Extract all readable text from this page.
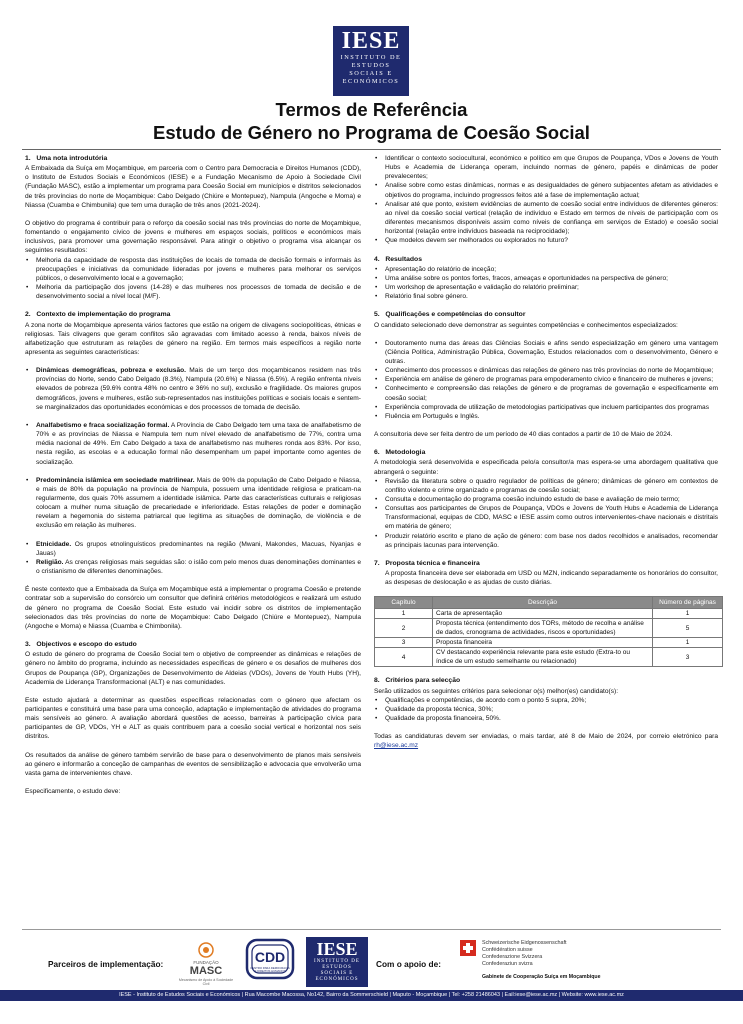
IESE
INSTITUTO DE
ESTUDOS
SOCIAIS E
ECONÓMICOS
Termos de Referência
Estudo de Género no Programa de Coesão Social
1.   Uma nota introdutória

A Embaixada da Suíça em Moçambique, em parceria com o Centro para Democracia e Direitos Humanos (CDD), o Instituto de Estudos Sociais e Económicos (IESE) e a Fundação Mecanismo de Apoio à Sociedade Civil (Fundação MASC), estão a implementar um programa para Coesão Social em municípios e distritos selecionados de três províncias do norte de Moçambique: Cabo Delgado (Chiúre e Montepuez), Nampula (Angoche e Moma) e Niassa (Cuamba e Chimbunila) que tem uma duração de três anos (2021-2024).

O objetivo do programa é contribuir para o reforço da coesão social nas três províncias do norte de Moçambique, fomentando o engajamento cívico de jovens e mulheres em espaços sociais, políticos e económicos mais inclusivos, para promover uma governação responsável. Para atingir o objetivo o programa visa alcançar os seguintes resultados:

• Melhoria da capacidade de resposta das instituições de locais de tomada de decisão formais e informais às preocupações e iniciativas da comunidade lideradas por jovens e mulheres para melhorar os serviços públicos, o desenvolvimento local e a governação;
• Melhoria da participação dos jovens (14-28) e das mulheres nos processos de tomada de decisão e de desenvolvimento social a nível local (M/F).
2.   Contexto de implementação do programa

A zona norte de Moçambique apresenta vários factores que estão na origem de clivagens sociopolíticas, étnicas e religiosas. Tais clivagens que geram conflitos são agravadas com limitado acesso à renda, baixos níveis de alfabetização que estruturam as relações de género na região. Em termos mais específicos a região norte apresenta as seguintes características:

• Dinâmicas demográficas, pobreza e exclusão. Mais de um terço dos moçambicanos residem nas três províncias do Norte, sendo Cabo Delgado (8.3%), Nampula (20.6%) e Niassa (6.5%). A região enfrenta níveis elevados de pobreza (59.6% contra 48% no centro e 36% no sul), exclusão e fragilidade. Os maiores grupos demográficos, jovens e mulheres, estão sub-representados nas instituições políticas e sociais locais e sentem-se marginalizados das oportunidades económicas e dos processos de tomada de decisão.
• Analfabetismo e fraca socialização formal. A Província de Cabo Delgado tem uma taxa de analfabetismo de 70% e as províncias de Niassa e Nampula tem num nível elevado de analfabetismo de 77%, contra uma média nacional de 49%. Em Cabo Delgado a taxa de analfabetismo nas mulheres ronda aos 83%. Por isso, nesta região, as escolas e a educação formal não desempenham um papel importante como agentes de socialização.
• Predominância islâmica em sociedade matrilinear. Mais de 90% da população de Cabo Delgado e Niassa, e mais de 80% da população na província de Nampula, possuem uma identidade religiosa e praticam-na regularmente, dos quais 70% assumem a identidade islâmica. Parte das características culturais e religiosas colocam a mulher numa situação de precariedade e inferioridade. Estas relações de poder e dominação revelam a hegemonia do sistema patriarcal que legitima as situações de dominação, de violência e de exclusão em relação às mulheres.
• Etnicidade. Os grupos etnolinguísticos predominantes na região (Mwani, Makondes, Macuas, Nyanjas e Jauas)
• Religião. As crenças religiosas mais seguidas são: o islão com pelo menos duas denominações dominantes e o cristianismo de diferentes denominações.

É neste contexto que a Embaixada da Suíça em Moçambique está a implementar o programa Coesão e pretende contratar sob a supervisão do consórcio um consultor que defínirá critérios metodológicos e realizará um estudo de género no programa de Coesão Social. Este estudo vai incidir sobre os distritos de implementação selecionados das três províncias do norte de Moçambique: Cabo Delgado (Chiúre e Montepuez), Nampula (Angoche e Moma) e Niassa (Cuamba e Chimbonila).

3.   Objectivos e escopo do estudo

O estudo de género do programa de Coesão Social tem o objetivo de compreender as dinâmicas e relações de género no âmbito do programa, incluindo as necessidades específicas de género e os desafios de mulheres dos Grupos de Poupança (GP), Organizações de Desenvolvimento de Aldeias (VDOs), Jovens de Youth Hubs (YH), Academia de Liderança Transformacional (ALT) e nas comunidades.

Este estudo ajudará a determinar as questões específicas relacionadas com o género que afectam os participantes e constituirá uma base para uma conceção, adaptação e implementação de atividades do programa mais sensíveis ao género. A avaliação abordará questões de acesso, barreiras à participação cívica para participantes de GP, VDOs, YH e ALT as quais contribuem para a coesão social vertical e horizontal nos seis distritos.

Os resultados da análise de género também servirão de base para o desenvolvimento de planos mais sensíveis ao género e informarão a conceção de campanhas de eventos de sensibilização e advocacia que envolverão uma vasta gama de intervenientes chave.

Especificamente, o estudo deve:

• Identificar o contexto sociocultural, económico e político em que Grupos de Poupança, VDos e Jovens de Youth Hubs e Academia de Liderança operam, incluindo normas de género, papéis e dinâmicas de poder prevalecentes;
• Analise sobre como estas dinâmicas, normas e as desigualdades de género subjacentes afetam as atividades e objetivos do programa, incluindo progressos feitos até a fase de implementação actual;
• Analisar até que ponto, existem evidências de aumento de coesão social entre indivíduos de diferentes géneros: ao nível da coesão social vertical (relação de indivíduo e Estado em termos de níveis de participação com os diferentes mecanismos disponíveis assim como níveis de confiança em serviços de Estado) e coesão social horizontal (relação entre indivíduos baseada na reciprocidade);
• Que modelos devem ser melhorados ou explorados no futuro?
4.   Resultados
• Apresentação do relatório de inceção;
• Uma análise sobre os pontos fortes, fracos, ameaças e oportunidades na perspectiva de género;
• Um workshop de apresentação e validação do relatório preliminar;
• Relatório final sobre género.
5.   Qualificações e competências do consultor

O candidato selecionado deve demonstrar as seguintes competências e conhecimentos especializados:

• Doutoramento numa das áreas das Ciências Sociais e afins sendo especialização em género uma vantagem (Ciência Política, Administração Pública, Governação, Estudos relacionados com o desenvolvimento, Género e outras.
• Conhecimento dos processos e dinâmicas das relações de género nas três províncias do norte de Moçambique;
• Experiência em análise de género de programas para empoderamento cívico e financeiro de mulheres e jovens;
• Conhecimento e compreensão das relações de género e de programas de governação e especificamente em coesão social;
• Experiência comprovada de utilização de metodologias participativas que incluem participantes dos programas
• Fluência em Português e Inglês.

A consultoria deve ser feita dentro de um período de 40 dias contados a partir de 10 de Maio de 2024.

6.   Metodologia

A metodologia será desenvolvida e especificada pelo/a consultor/a mas espera-se uma abordagem qualitativa que abrangerá o seguinte:

• Revisão da literatura sobre o quadro regulador de políticas de género; dinâmicas de género em contextos de conflito violento e crime organizado e programas de coesão social;
• Consulta e documentação do programa coesão incluindo estudo de base e avaliação de meio termo;
• Consultas aos participantes de Grupos de Poupança, VDOs e Jovens de Youth Hubs e Academia de Liderança Transformacional, equipas de CDD, MASC e IESE assim como outros intervenientes-chave nacionais e distritais em matéria de género;
• Produzir relatório escrito e plano de ação de género: com base nos dados recolhidos e analisados, recomendar as principais lacunas para intervenção.
7.   Proposta técnica e financeira

A proposta financeira deve ser elaborada em USD ou MZN, indicando separadamente os honorários do consultor, as despesas de deslocação e as ajudas de custo diárias.

Capítulo	Descrição	Número de páginas
1	Carta de apresentação	1
2	Proposta técnica (entendimento dos TORs, método de recolha e análise de dados, cronograma de actividades, riscos e oportunidades)	5
3	Proposta financeira	1
4	CV destacando experiência relevante para este estudo (Extra-to ou índice de um estudo semelhante ou relacionado)	3
8.   Critérios para selecção

Serão utilizados os seguintes critérios para selecionar o(s) melhor(es) candidato(s):

• Qualificações e competências, de acordo com o ponto 5 supra, 20%;
• Qualidade da proposta técnica, 30%;
• Qualidade da proposta financeira, 50%.

Todas as candidaturas devem ser enviadas, o mais tardar, até 8 de Maio de 2024, por correio eletrónico para rh@iese.ac.mz

Parceiros de implementação:	FUNDAÇÃO
MASC
Mecanismo de Apoio à Sociedade Civil
CDD
CENTRO PARA DEMOCRACIA E DIREITOS HUMANOS
IESE
INSTITUTO DE
ESTUDOS
SOCIAIS E
ECONÓMICOS
Com o apoio de:
Schweizerische Eidgenossenschaft
Confédération suisse
Confederazione Svizzera
Confederaziun svizra
Gabinete de Cooperação Suíça em Moçambique
IESE - Instituto de Estudos Sociais e Económicos | Rua Macombe Macossa, No142, Bairro da Sommerschield | Maputo - Moçambique | Tel: +258 21486043 | Eail:iese@iese.ac.mz | Website: www.iese.ac.mz
